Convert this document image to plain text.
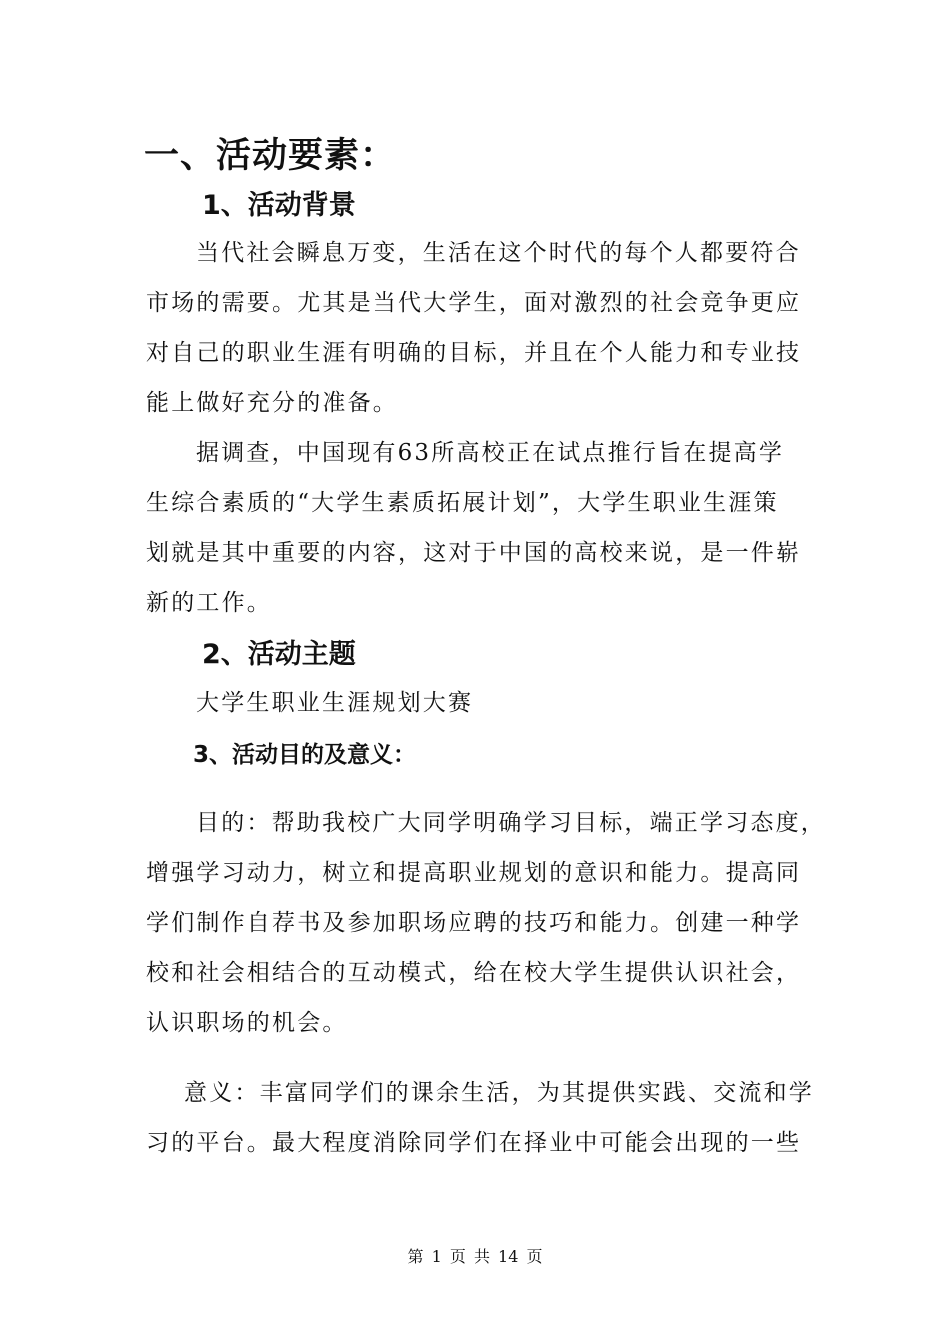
一、活动要素：
1、活动背景
当代社会瞬息万变，生活在这个时代的每个人都要符合
市场的需要。尤其是当代大学生，面对激烈的社会竞争更应
对自己的职业生涯有明确的目标，并且在个人能力和专业技
能上做好充分的准备。
据调查，中国现有63所高校正在试点推行旨在提高学
生综合素质的“大学生素质拓展计划”，大学生职业生涯策
划就是其中重要的内容，这对于中国的高校来说，是一件崭
新的工作。
2、活动主题
大学生职业生涯规划大赛
3、活动目的及意义：
目的：帮助我校广大同学明确学习目标，端正学习态度，
增强学习动力，树立和提高职业规划的意识和能力。提高同
学们制作自荐书及参加职场应聘的技巧和能力。创建一种学
校和社会相结合的互动模式，给在校大学生提供认识社会，
认识职场的机会。
意义：丰富同学们的课余生活，为其提供实践、交流和学
习的平台。最大程度消除同学们在择业中可能会出现的一些
第 1 页 共 14 页
